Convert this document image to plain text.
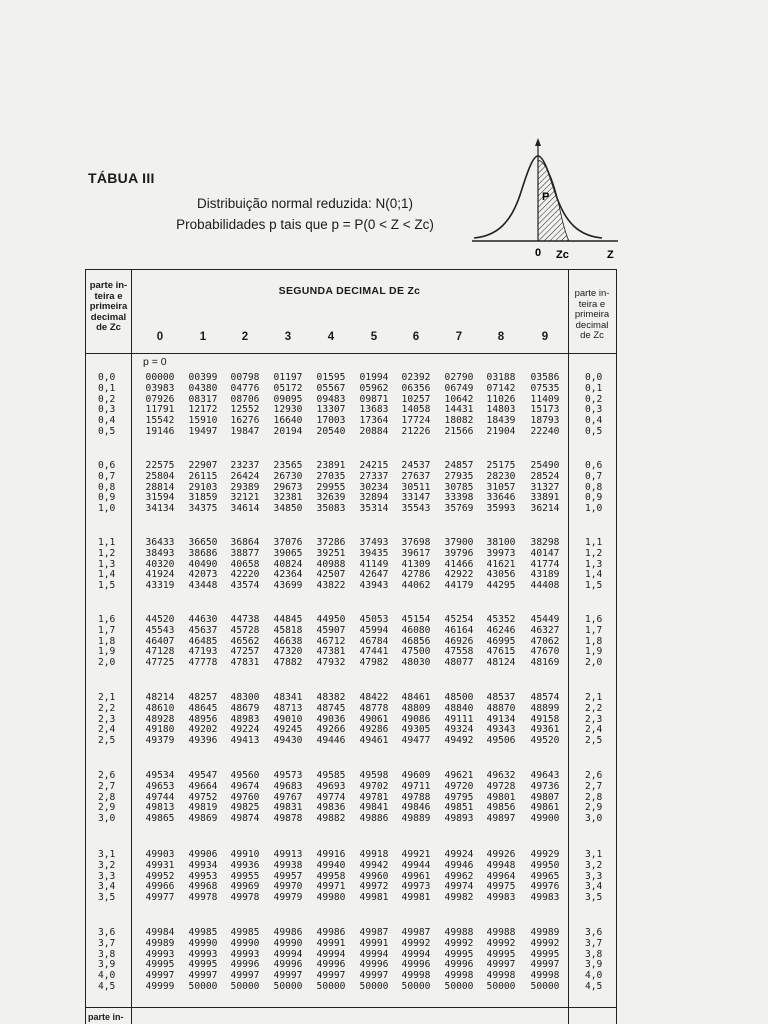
TÁBUA III
Distribuição normal reduzida: N(0;1)
Probabilidades p tais que p = P(0 < Z < Zc)
P
0 Zc	Z
parte in-
teira e
primeira
decimal
de Zc
SEGUNDA DECIMAL DE Zc	parte in-
teira e
primeira
decimal
de Zc
0	1	2	3	4	5	6	7	8	9
p = 0
0,0	00000	00399	00798	01197	01595	01994	02392	02790	03188	03586	0,0
0,1	03983	04380	04776	05172	05567	05962	06356	06749	07142	07535	0,1
0,2	07926	08317	08706	09095	09483	09871	10257	10642	11026	11409	0,2
0,3	11791	12172	12552	12930	13307	13683	14058	14431	14803	15173	0,3
0,4	15542	15910	16276	16640	17003	17364	17724	18082	18439	18793	0,4
0,5	19146	19497	19847	20194	20540	20884	21226	21566	21904	22240	0,5
0,6	22575	22907	23237	23565	23891	24215	24537	24857	25175	25490	0,6
0,7	25804	26115	26424	26730	27035	27337	27637	27935	28230	28524	0,7
0,8	28814	29103	29389	29673	29955	30234	30511	30785	31057	31327	0,8
0,9	31594	31859	32121	32381	32639	32894	33147	33398	33646	33891	0,9
1,0	34134	34375	34614	34850	35083	35314	35543	35769	35993	36214	1,0
1,1	36433	36650	36864	37076	37286	37493	37698	37900	38100	38298	1,1
1,2	38493	38686	38877	39065	39251	39435	39617	39796	39973	40147	1,2
1,3	40320	40490	40658	40824	40988	41149	41309	41466	41621	41774	1,3
1,4	41924	42073	42220	42364	42507	42647	42786	42922	43056	43189	1,4
1,5	43319	43448	43574	43699	43822	43943	44062	44179	44295	44408	1,5
1,6	44520	44630	44738	44845	44950	45053	45154	45254	45352	45449	1,6
1,7	45543	45637	45728	45818	45907	45994	46080	46164	46246	46327	1,7
1,8	46407	46485	46562	46638	46712	46784	46856	46926	46995	47062	1,8
1,9	47128	47193	47257	47320	47381	47441	47500	47558	47615	47670	1,9
2,0	47725	47778	47831	47882	47932	47982	48030	48077	48124	48169	2,0
2,1	48214	48257	48300	48341	48382	48422	48461	48500	48537	48574	2,1
2,2	48610	48645	48679	48713	48745	48778	48809	48840	48870	48899	2,2
2,3	48928	48956	48983	49010	49036	49061	49086	49111	49134	49158	2,3
2,4	49180	49202	49224	49245	49266	49286	49305	49324	49343	49361	2,4
2,5	49379	49396	49413	49430	49446	49461	49477	49492	49506	49520	2,5
2,6	49534	49547	49560	49573	49585	49598	49609	49621	49632	49643	2,6
2,7	49653	49664	49674	49683	49693	49702	49711	49720	49728	49736	2,7
2,8	49744	49752	49760	49767	49774	49781	49788	49795	49801	49807	2,8
2,9	49813	49819	49825	49831	49836	49841	49846	49851	49856	49861	2,9
3,0	49865	49869	49874	49878	49882	49886	49889	49893	49897	49900	3,0
3,1	49903	49906	49910	49913	49916	49918	49921	49924	49926	49929	3,1
3,2	49931	49934	49936	49938	49940	49942	49944	49946	49948	49950	3,2
3,3	49952	49953	49955	49957	49958	49960	49961	49962	49964	49965	3,3
3,4	49966	49968	49969	49970	49971	49972	49973	49974	49975	49976	3,4
3,5	49977	49978	49978	49979	49980	49981	49981	49982	49983	49983	3,5
3,6	49984	49985	49985	49986	49986	49987	49987	49988	49988	49989	3,6
3,7	49989	49990	49990	49990	49991	49991	49992	49992	49992	49992	3,7
3,8	49993	49993	49993	49994	49994	49994	49994	49995	49995	49995	3,8
3,9	49995	49995	49996	49996	49996	49996	49996	49996	49997	49997	3,9
4,0	49997	49997	49997	49997	49997	49997	49998	49998	49998	49998	4,0
4,5	49999	50000	50000	50000	50000	50000	50000	50000	50000	50000	4,5
parte in-
